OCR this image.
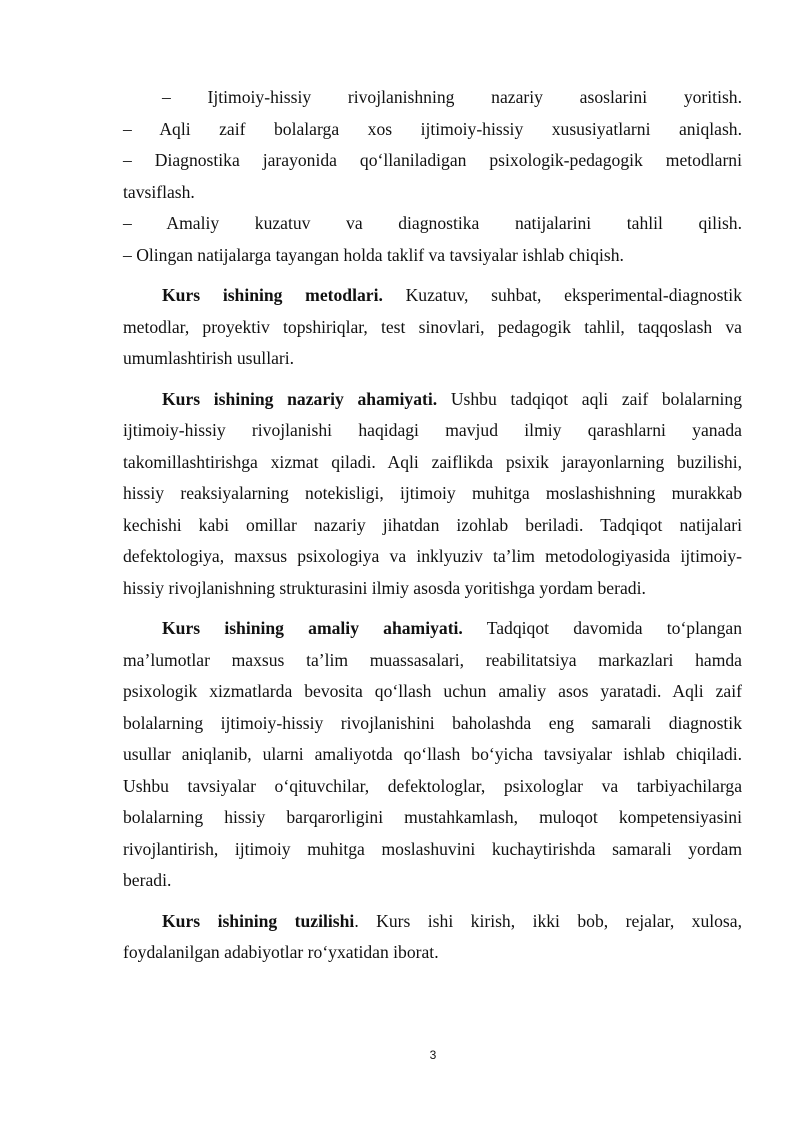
– Ijtimoiy-hissiy rivojlanishning nazariy asoslarini yoritish.
– Aqli zaif bolalarga xos ijtimoiy-hissiy xususiyatlarni aniqlash.
– Diagnostika jarayonida qo‘llaniladigan psixologik-pedagogik metodlarni
tavsiflash.
– Amaliy kuzatuv va diagnostika natijalarini tahlil qilish.
– Olingan natijalarga tayangan holda taklif va tavsiyalar ishlab chiqish.
Kurs ishining metodlari. Kuzatuv, suhbat, eksperimental-diagnostik
metodlar, proyektiv topshiriqlar, test sinovlari, pedagogik tahlil, taqqoslash va
umumlashtirish usullari.
Kurs ishining nazariy ahamiyati. Ushbu tadqiqot aqli zaif bolalarning
ijtimoiy-hissiy rivojlanishi haqidagi mavjud ilmiy qarashlarni yanada
takomillashtirishga xizmat qiladi. Aqli zaiflikda psixik jarayonlarning buzilishi,
hissiy reaksiyalarning notekisligi, ijtimoiy muhitga moslashishning murakkab
kechishi kabi omillar nazariy jihatdan izohlab beriladi. Tadqiqot natijalari
defektologiya, maxsus psixologiya va inklyuziv ta’lim metodologiyasida ijtimoiy-
hissiy rivojlanishning strukturasini ilmiy asosda yoritishga yordam beradi.
Kurs ishining amaliy ahamiyati. Tadqiqot davomida to‘plangan
ma’lumotlar maxsus ta’lim muassasalari, reabilitatsiya markazlari hamda
psixologik xizmatlarda bevosita qo‘llash uchun amaliy asos yaratadi. Aqli zaif
bolalarning ijtimoiy-hissiy rivojlanishini baholashda eng samarali diagnostik
usullar aniqlanib, ularni amaliyotda qo‘llash bo‘yicha tavsiyalar ishlab chiqiladi.
Ushbu tavsiyalar o‘qituvchilar, defektologlar, psixologlar va tarbiyachilarga
bolalarning hissiy barqarorligini mustahkamlash, muloqot kompetensiyasini
rivojlantirish, ijtimoiy muhitga moslashuvini kuchaytirishda samarali yordam
beradi.
Kurs ishining tuzilishi. Kurs ishi kirish, ikki bob, rejalar, xulosa,
foydalanilgan adabiyotlar ro‘yxatidan iborat.
3
